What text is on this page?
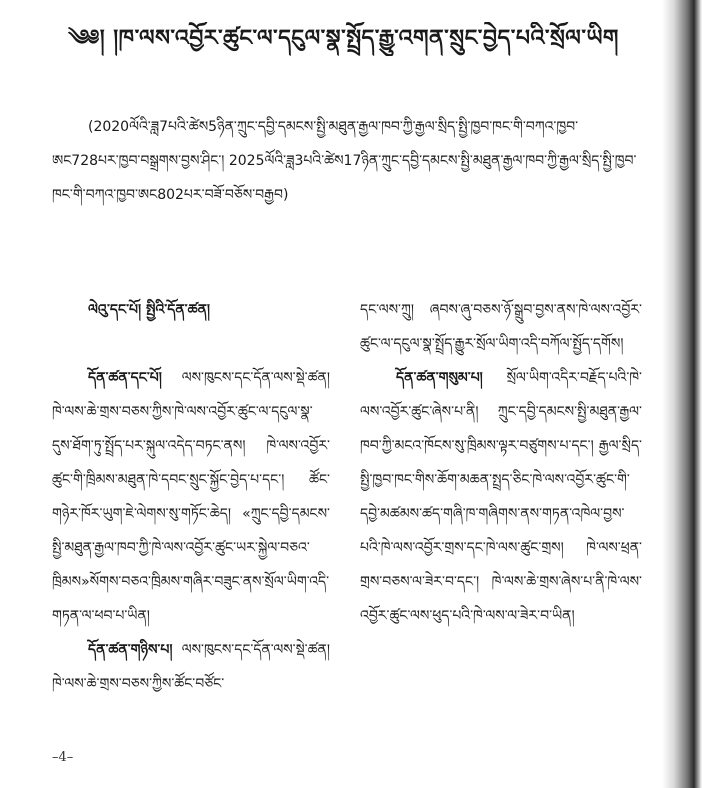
༄༅། །ཁ་ལས་འབྱོར་ཚུང་ལ་དངུལ་སྣ་སྤྲོད་རྒྱུ་འགན་སྲུང་བྱེད་པའི་སྲོལ་ཡིག
(2020ལོའི་ཟླ7པའི་ཚེས5ཉིན་ཀྲུང་དབྱི་དམངས་སྤྱི་མཐུན་རྒྱལ་ཁབ་ཀྱི་རྒྱལ་སྲིད་སྤྱི་ཁྱབ་ཁང་གི་བཀའ་ཁྱབ་ཨང728པར་ཁྱབ་བསྒྲགས་བྱས་ཤིང་། 2025ལོའི་ཟླ3པའི་ཚེས17ཉིན་ཀྲུང་དབྱི་དམངས་སྤྱི་མཐུན་རྒྱལ་ཁབ་ཀྱི་རྒྱལ་སྲིད་སྤྱི་ཁྱབ་ཁང་གི་བཀའ་ཁྱབ་ཨང802པར་བཟོ་བཅོས་བརྒྱབ)

ལེའུ་དང་པོ། སྤྱིའི་དོན་ཚན།

དོན་ཚན་དང་པོ། ལས་ཁུངས་དང་དོན་ལས་སྡེ་ཚན། ཁེ་ལས་ཆེ་གྲས་བཅས་ཀྱིས་ཁེ་ལས་འབྱོར་ཚུང་ལ་དངུལ་སྣ་དུས་ཐོག་ཏུ་སྤྲོད་པར་སྐུལ་འདེད་བཏང་ནས། ཁེ་ལས་འབྱོར་ཚུང་གི་ཁྲིམས་མཐུན་ཁེ་དབང་སྲུང་སྐྱོང་བྱེད་པ་དང་། ཚོང་གཉེར་ཁོར་ཡུག་ཇེ་ལེགས་སུ་གཏོང་ཆེད། «ཀྲུང་དབྱི་དམངས་སྤྱི་མཐུན་རྒྱལ་ཁབ་ཀྱི་ཁེ་ལས་འབྱོར་ཚུང་ཡར་སྐྱེལ་བཅའ་ཁྲིམས»སོགས་བཅའ་ཁྲིམས་གཞིར་བཟུང་ནས་སྲོལ་ཡིག་འདི་གཏན་ལ་ཕབ་པ་ཡིན།

དོན་ཚན་གཉིས་པ། ལས་ཁུངས་དང་དོན་ལས་སྡེ་ཚན། ཁེ་ལས་ཆེ་གྲས་བཅས་ཀྱིས་ཚོང་བཙོང་

དང་ལས་ཀྲུ། ཞབས་ཞུ་བཅས་ཉོ་སྒྲུབ་བྱས་ནས་ཁེ་ལས་འབྱོར་ཚུང་ལ་དངུལ་སྣ་སྤྲོད་རྒྱུར་སྲོལ་ཡིག་འདི་བཀོལ་སྤྱོད་དགོས།

དོན་ཚན་གསུམ་པ། སྲོལ་ཡིག་འདིར་བརྗོད་པའི་ཁེ་ལས་འབྱོར་ཚུང་ཞེས་པ་ནི། ཀྲུང་དབྱི་དམངས་སྤྱི་མཐུན་རྒྱལ་ཁབ་ཀྱི་མངའ་ཁོངས་སུ་ཁྲིམས་ལྟར་བཙུགས་པ་དང་། རྒྱལ་སྲིད་སྤྱི་ཁྱབ་ཁང་གིས་ཆོག་མཆན་སྤྲད་ཅིང་ཁེ་ལས་འབྱོར་ཚུང་གི་དབྱེ་མཚམས་ཚད་གཞི་ཁ་གཞིགས་ནས་གཏན་འཁེལ་བྱས་པའི་ཁེ་ལས་འབྱོར་གྲས་དང་ཁེ་ལས་ཚུང་གྲས། ཁེ་ལས་ཕྲན་གྲས་བཅས་ལ་ཟེར་བ་དང་། ཁེ་ལས་ཆེ་གྲས་ཞེས་པ་ནི་ཁེ་ལས་འབྱོར་ཚུང་ལས་ཕུད་པའི་ཁེ་ལས་ལ་ཟེར་བ་ཡིན།

–4–
